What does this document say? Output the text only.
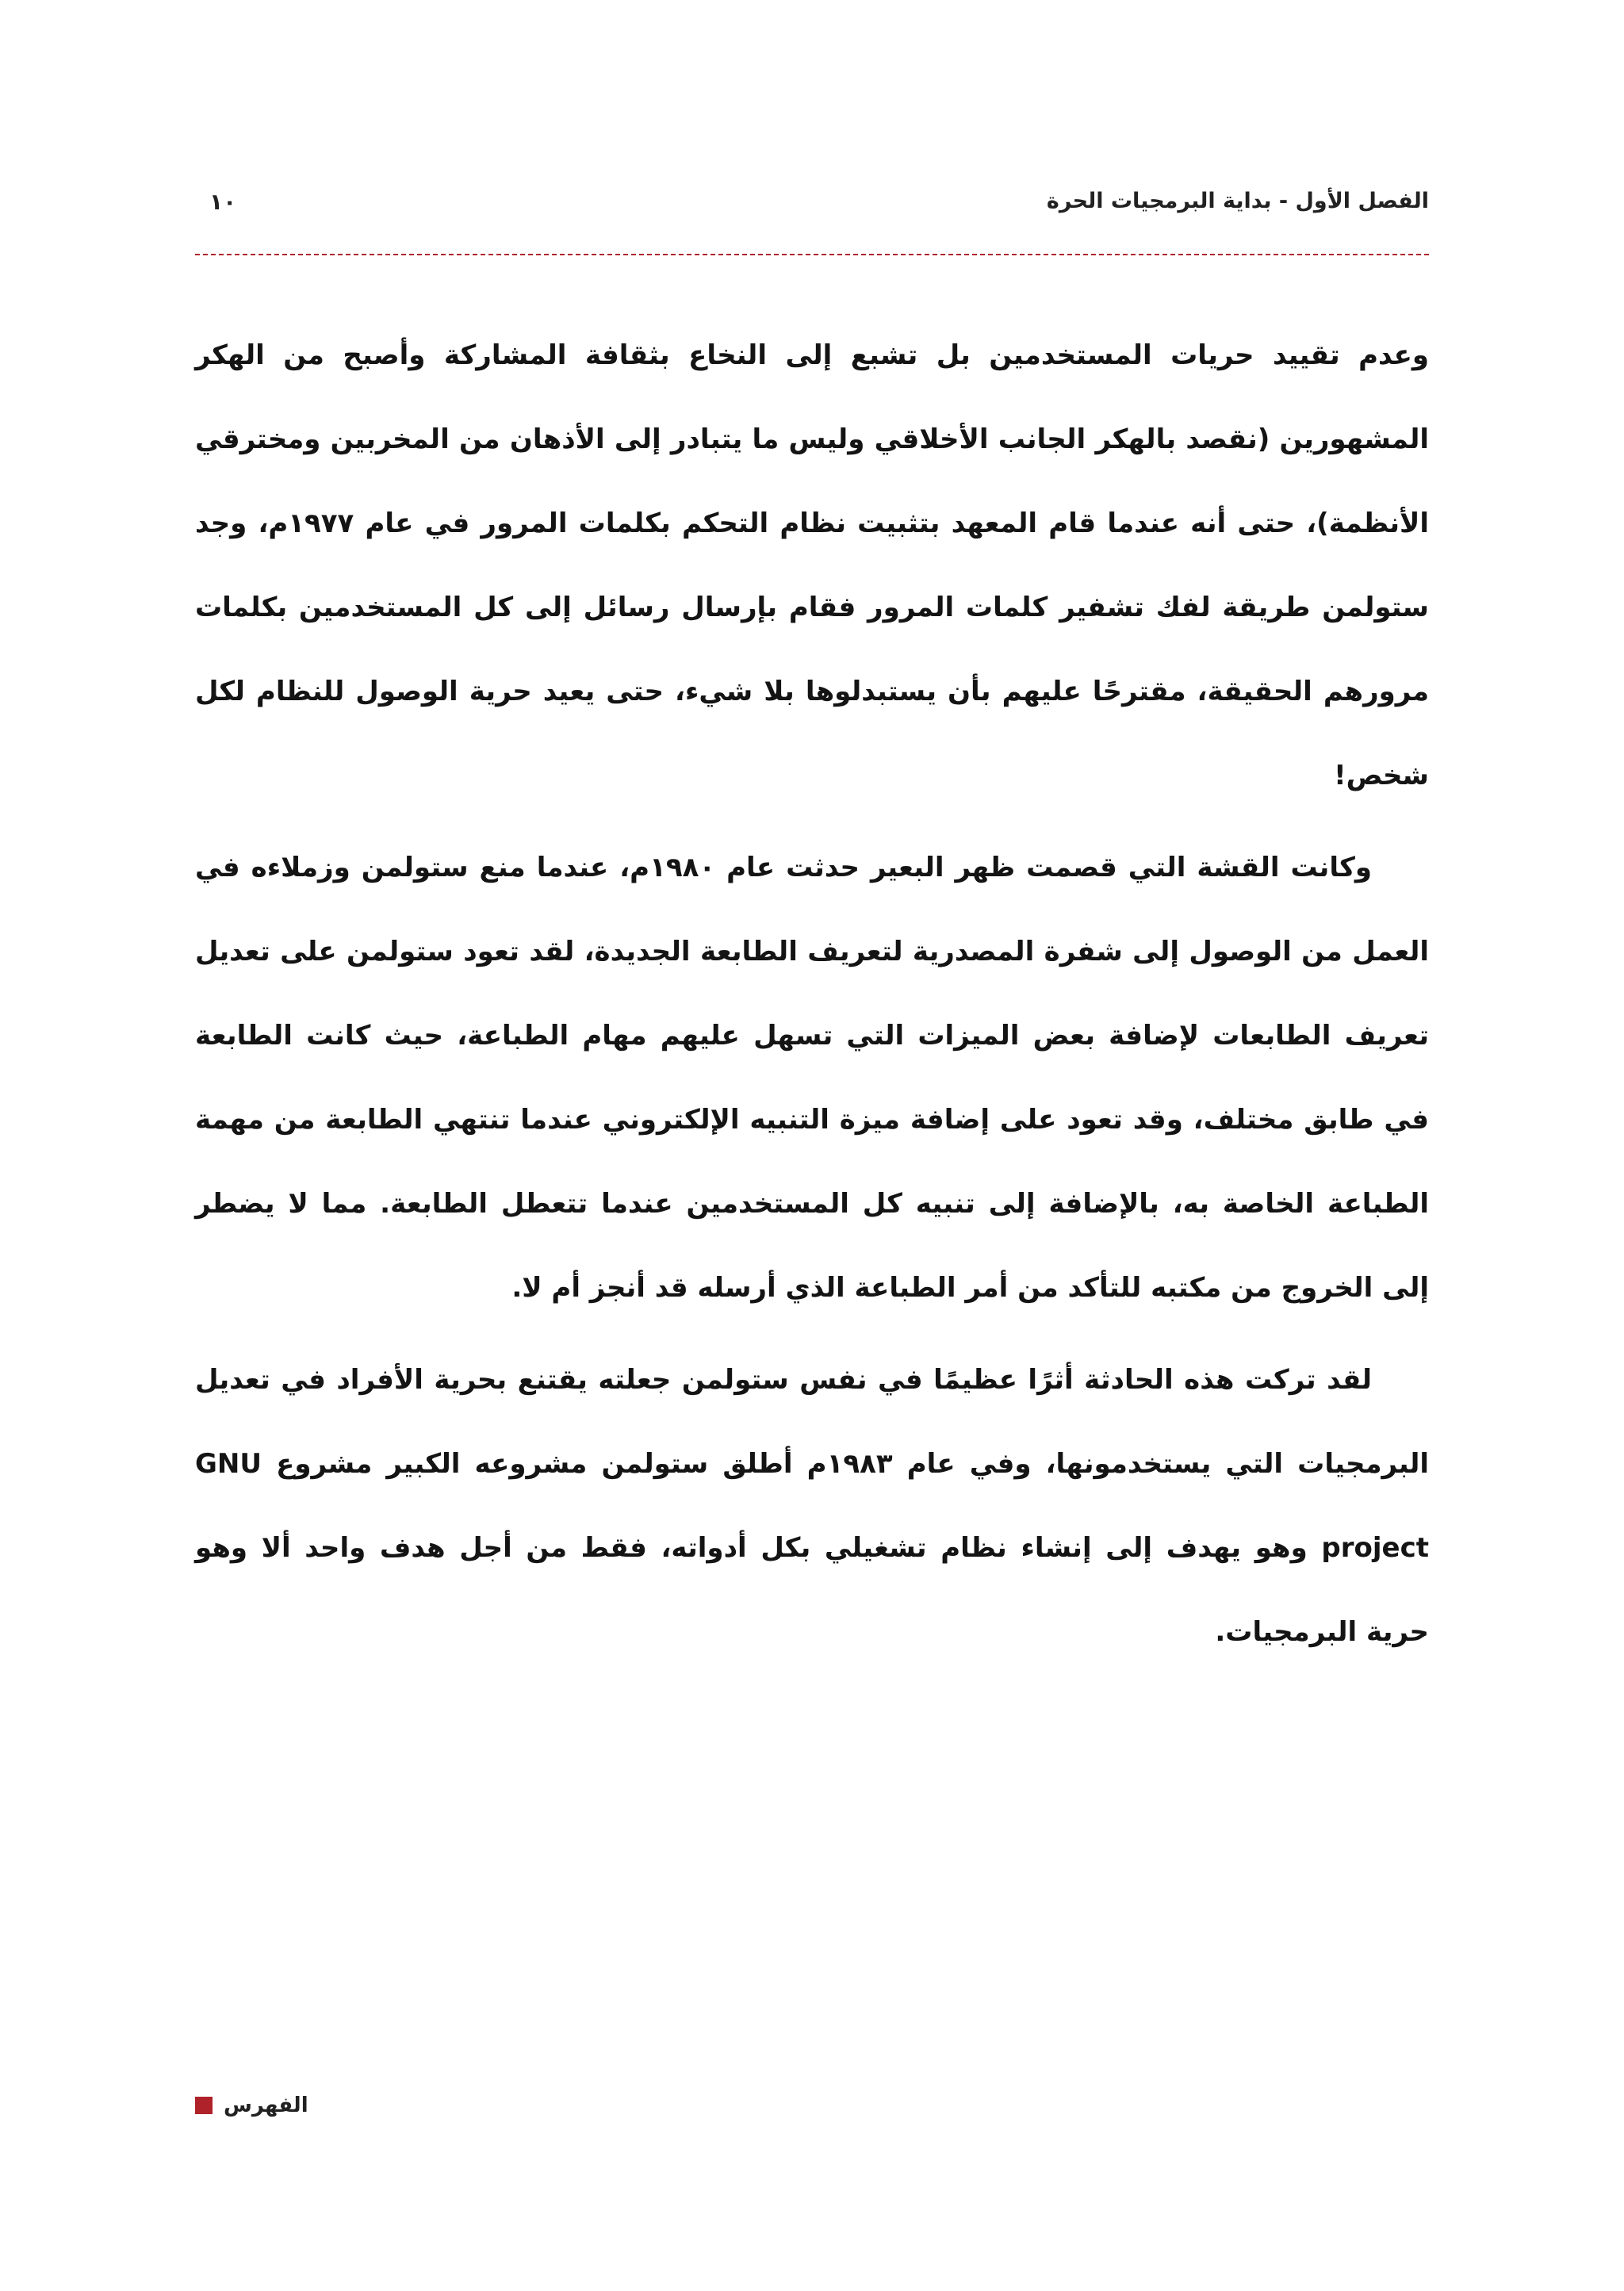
الفصل الأول - بداية البرمجيات الحرة
١٠

وعدم تقييد حريات المستخدمين بل تشبع إلى النخاع بثقافة المشاركة وأصبح من الهكر المشهورين (نقصد بالهكر الجانب الأخلاقي وليس ما يتبادر إلى الأذهان من المخربين ومخترقي الأنظمة)، حتى أنه عندما قام المعهد بتثبيت نظام التحكم بكلمات المرور في عام ١٩٧٧م، وجد ستولمن طريقة لفك تشفير كلمات المرور فقام بإرسال رسائل إلى كل المستخدمين بكلمات مرورهم الحقيقة، مقترحًا عليهم بأن يستبدلوها بلا شيء، حتى يعيد حرية الوصول للنظام لكل شخص!

وكانت القشة التي قصمت ظهر البعير حدثت عام ١٩٨٠م، عندما منع ستولمن وزملاءه في العمل من الوصول إلى شفرة المصدرية لتعريف الطابعة الجديدة، لقد تعود ستولمن على تعديل تعريف الطابعات لإضافة بعض الميزات التي تسهل عليهم مهام الطباعة، حيث كانت الطابعة في طابق مختلف، وقد تعود على إضافة ميزة التنبيه الإلكتروني عندما تنتهي الطابعة من مهمة الطباعة الخاصة به، بالإضافة إلى تنبيه كل المستخدمين عندما تتعطل الطابعة. مما لا يضطر إلى الخروج من مكتبه للتأكد من أمر الطباعة الذي أرسله قد أنجز أم لا.

لقد تركت هذه الحادثة أثرًا عظيمًا في نفس ستولمن جعلته يقتنع بحرية الأفراد في تعديل البرمجيات التي يستخدمونها، وفي عام ١٩٨٣م أطلق ستولمن مشروعه الكبير مشروع GNU project وهو يهدف إلى إنشاء نظام تشغيلي بكل أدواته، فقط من أجل هدف واحد ألا وهو حرية البرمجيات.

الفهرس
